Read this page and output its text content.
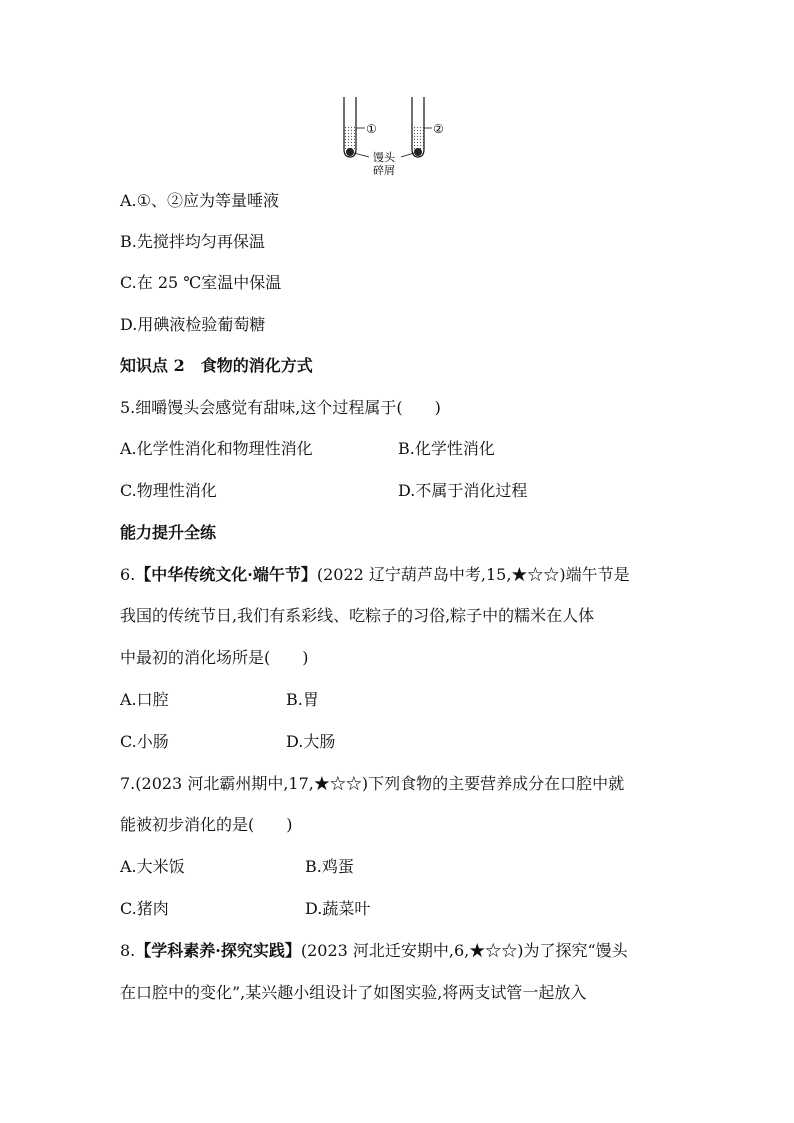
①	②
馒头
碎屑
A.①、②应为等量唾液
B.先搅拌均匀再保温
C.在 25 ℃室温中保温
D.用碘液检验葡萄糖
知识点 2　食物的消化方式
5.细嚼馒头会感觉有甜味,这个过程属于(　　)
A.化学性消化和物理性消化	B.化学性消化
C.物理性消化	D.不属于消化过程
能力提升全练
6.【中华传统文化·端午节】(2022 辽宁葫芦岛中考,15,★☆☆)端午节是
我国的传统节日,我们有系彩线、吃粽子的习俗,粽子中的糯米在人体
中最初的消化场所是(　　)
A.口腔	B.胃
C.小肠	D.大肠
7.(2023 河北霸州期中,17,★☆☆)下列食物的主要营养成分在口腔中就
能被初步消化的是(　　)
A.大米饭	B.鸡蛋
C.猪肉	D.蔬菜叶
8.【学科素养·探究实践】(2023 河北迁安期中,6,★☆☆)为了探究“馒头
在口腔中的变化”,某兴趣小组设计了如图实验,将两支试管一起放入
